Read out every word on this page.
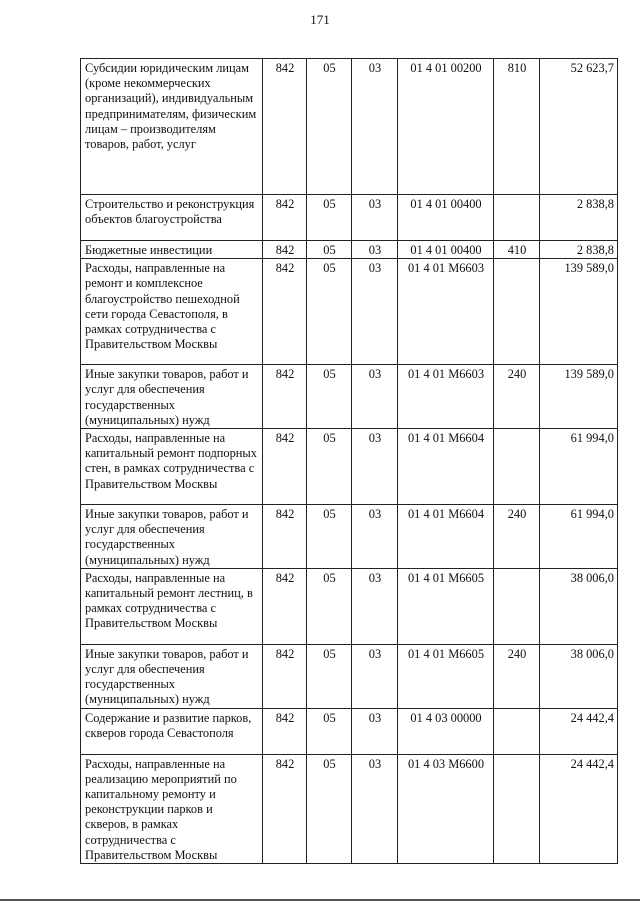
171
Субсидии юридическим лицам (кроме некоммерческих организаций), индивидуальным предпринимателям, физическим лицам – производителям товаров, работ, услуг	842	05	03	01 4 01 00200	810	52 623,7
Строительство и реконструкция объектов благоустройства	842	05	03	01 4 01 00400		2 838,8
Бюджетные инвестиции	842	05	03	01 4 01 00400	410	2 838,8
Расходы, направленные на ремонт и комплексное благоустройство пешеходной сети города Севастополя, в рамках сотрудничества с Правительством Москвы	842	05	03	01 4 01 М6603		139 589,0
Иные закупки товаров, работ и услуг для обеспечения государственных (муниципальных) нужд	842	05	03	01 4 01 М6603	240	139 589,0
Расходы, направленные на капитальный ремонт подпорных стен, в рамках сотрудничества с Правительством Москвы	842	05	03	01 4 01 М6604		61 994,0
Иные закупки товаров, работ и услуг для обеспечения государственных (муниципальных) нужд	842	05	03	01 4 01 М6604	240	61 994,0
Расходы, направленные на капитальный ремонт лестниц, в рамках сотрудничества с Правительством Москвы	842	05	03	01 4 01 М6605		38 006,0
Иные закупки товаров, работ и услуг для обеспечения государственных (муниципальных) нужд	842	05	03	01 4 01 М6605	240	38 006,0
Содержание и развитие парков, скверов города Севастополя	842	05	03	01 4 03 00000		24 442,4
Расходы, направленные на реализацию мероприятий по капитальному ремонту и реконструкции парков и скверов, в рамках сотрудничества с Правительством Москвы	842	05	03	01 4 03 М6600		24 442,4
